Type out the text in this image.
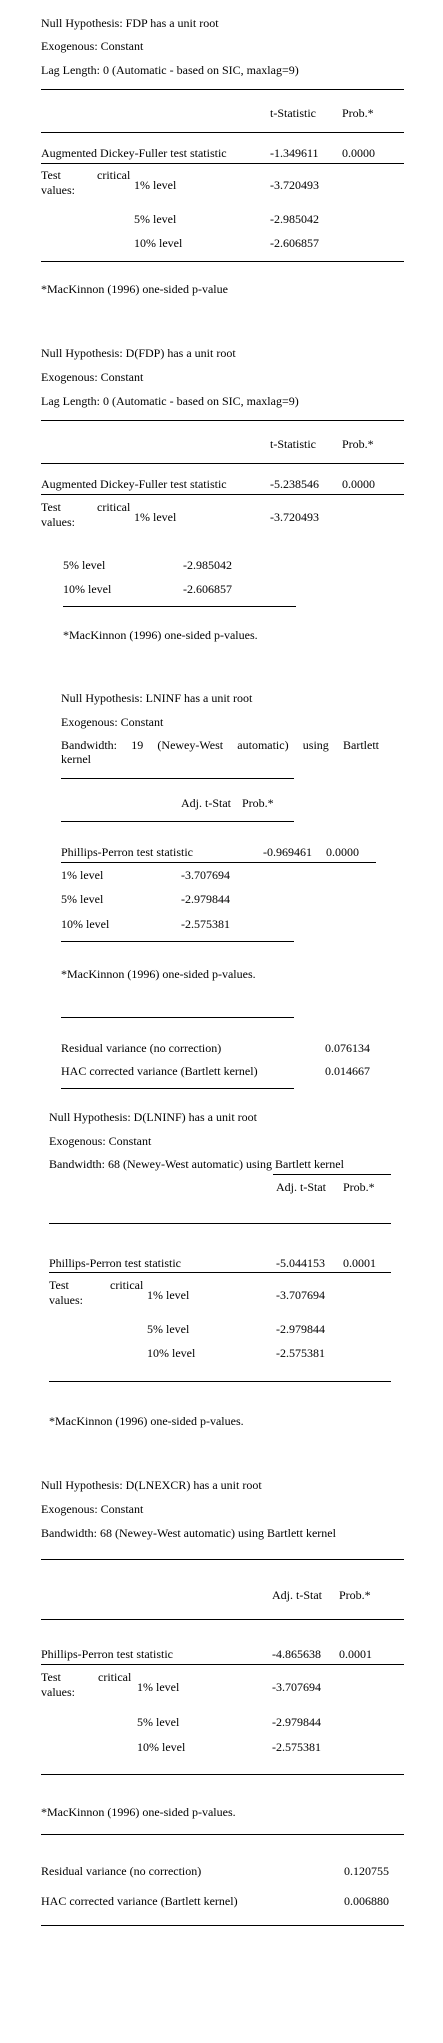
Null Hypothesis: FDP has a unit root
Exogenous: Constant
Lag Length: 0 (Automatic - based on SIC, maxlag=9)
t-Statistic Prob.*
Augmented Dickey-Fuller test statistic	-1.349611 0.0000
Test	critical
values:	1% level	-3.720493
5% level	-2.985042
10% level	-2.606857
*MacKinnon (1996) one-sided p-value
Null Hypothesis: D(FDP) has a unit root
Exogenous: Constant
Lag Length: 0 (Automatic - based on SIC, maxlag=9)
t-Statistic Prob.*
Augmented Dickey-Fuller test statistic	-5.238546 0.0000
Test	critical
values:	1% level	-3.720493
5% level	-2.985042
10% level	-2.606857
*MacKinnon (1996) one-sided p-values.
Null Hypothesis: LNINF has a unit root
Exogenous: Constant
Bandwidth: 19 (Newey-West automatic) using Bartlett
kernel
Adj. t-Stat Prob.*
Phillips-Perron test statistic	-0.969461 0.0000
1% level	-3.707694
5% level	-2.979844
10% level	-2.575381
*MacKinnon (1996) one-sided p-values.
Residual variance (no correction)	0.076134
HAC corrected variance (Bartlett kernel)	0.014667
Null Hypothesis: D(LNINF) has a unit root
Exogenous: Constant
Bandwidth: 68 (Newey-West automatic) using Bartlett kernel
Adj. t-Stat Prob.*
Phillips-Perron test statistic	-5.044153 0.0001
Test	critical
values:	1% level	-3.707694
5% level	-2.979844
10% level	-2.575381
*MacKinnon (1996) one-sided p-values.
Null Hypothesis: D(LNEXCR) has a unit root
Exogenous: Constant
Bandwidth: 68 (Newey-West automatic) using Bartlett kernel
Adj. t-Stat Prob.*
Phillips-Perron test statistic	-4.865638 0.0001
Test	critical
values:	1% level	-3.707694
5% level	-2.979844
10% level	-2.575381
*MacKinnon (1996) one-sided p-values.
Residual variance (no correction)	0.120755
HAC corrected variance (Bartlett kernel)	0.006880
